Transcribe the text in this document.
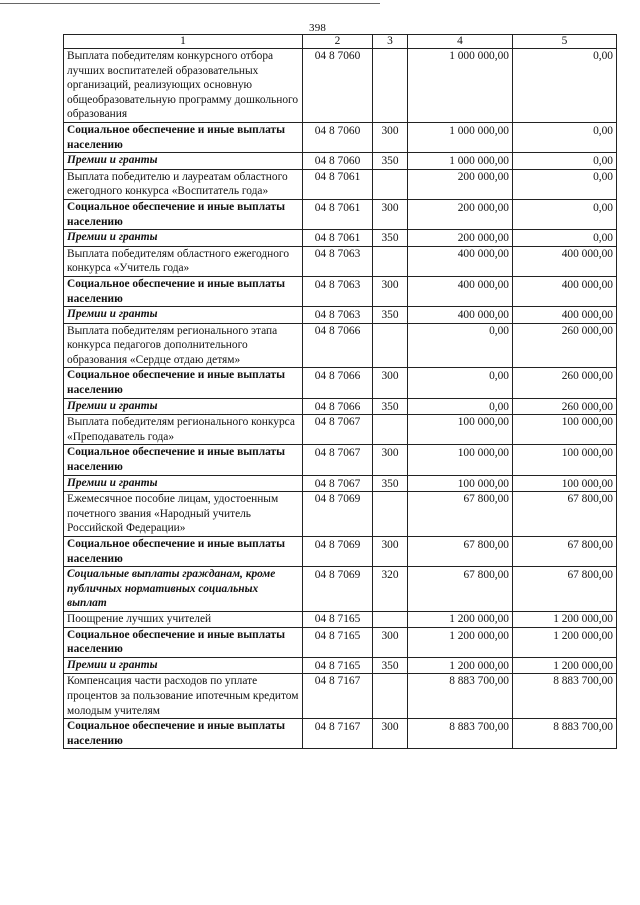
398
1	2	3	4	5
Выплата победителям конкурсного отбора лучших воспитателей образовательных организаций, реализующих основную общеобразовательную программу дошкольного образования	04 8 7060		1 000 000,00	0,00
Социальное обеспечение и иные выплаты населению	04 8 7060	300	1 000 000,00	0,00
Премии и гранты	04 8 7060	350	1 000 000,00	0,00
Выплата победителю и лауреатам областного ежегодного конкурса «Воспитатель года»	04 8 7061		200 000,00	0,00
Социальное обеспечение и иные выплаты населению	04 8 7061	300	200 000,00	0,00
Премии и гранты	04 8 7061	350	200 000,00	0,00
Выплата победителям областного ежегодного конкурса «Учитель года»	04 8 7063		400 000,00	400 000,00
Социальное обеспечение и иные выплаты населению	04 8 7063	300	400 000,00	400 000,00
Премии и гранты	04 8 7063	350	400 000,00	400 000,00
Выплата победителям регионального этапа конкурса педагогов дополнительного образования «Сердце отдаю детям»	04 8 7066		0,00	260 000,00
Социальное обеспечение и иные выплаты населению	04 8 7066	300	0,00	260 000,00
Премии и гранты	04 8 7066	350	0,00	260 000,00
Выплата победителям регионального конкурса «Преподаватель года»	04 8 7067		100 000,00	100 000,00
Социальное обеспечение и иные выплаты населению	04 8 7067	300	100 000,00	100 000,00
Премии и гранты	04 8 7067	350	100 000,00	100 000,00
Ежемесячное пособие лицам, удостоенным почетного звания «Народный учитель Российской Федерации»	04 8 7069		67 800,00	67 800,00
Социальное обеспечение и иные выплаты населению	04 8 7069	300	67 800,00	67 800,00
Социальные выплаты гражданам, кроме публичных нормативных социальных выплат	04 8 7069	320	67 800,00	67 800,00
Поощрение лучших учителей	04 8 7165		1 200 000,00	1 200 000,00
Социальное обеспечение и иные выплаты населению	04 8 7165	300	1 200 000,00	1 200 000,00
Премии и гранты	04 8 7165	350	1 200 000,00	1 200 000,00
Компенсация части расходов по уплате процентов за пользование ипотечным кредитом молодым учителям	04 8 7167		8 883 700,00	8 883 700,00
Социальное обеспечение и иные выплаты населению	04 8 7167	300	8 883 700,00	8 883 700,00
